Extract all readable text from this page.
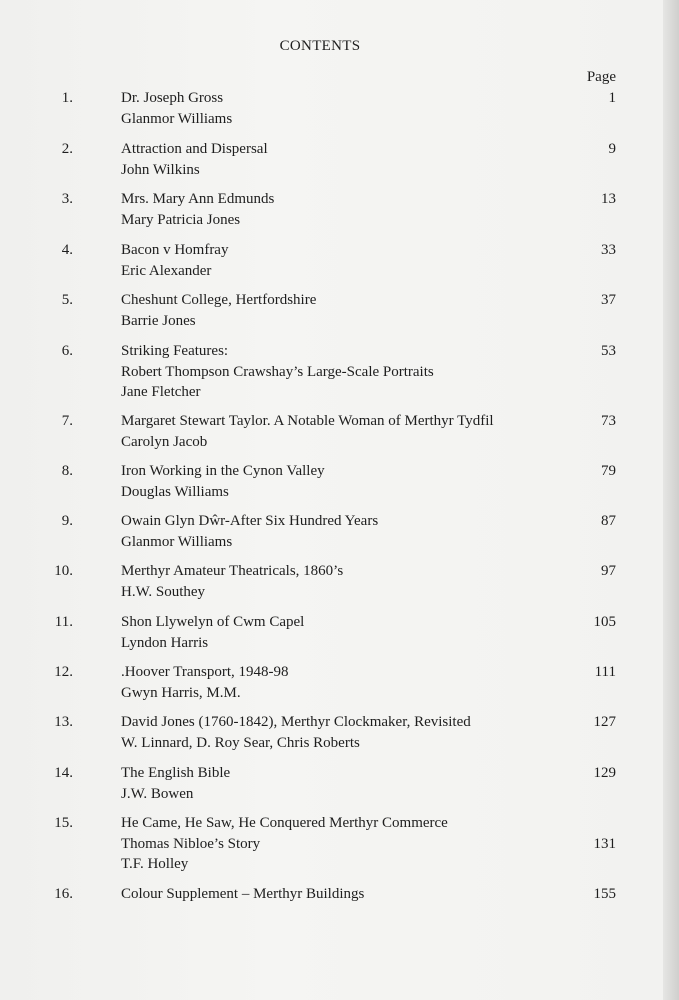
CONTENTS
Page
1.	Dr. Joseph Gross
Glanmor Williams
1
2.	Attraction and Dispersal
John Wilkins
9
3.	Mrs. Mary Ann Edmunds
Mary Patricia Jones
13
4.	Bacon v Homfray
Eric Alexander
33
5.	Cheshunt College, Hertfordshire
Barrie Jones
37
6.	Striking Features:
Robert Thompson Crawshay’s Large-Scale Portraits
Jane Fletcher
53
7.	Margaret Stewart Taylor. A Notable Woman of Merthyr Tydfil
Carolyn Jacob
73
8.	Iron Working in the Cynon Valley
Douglas Williams
79
9.	Owain Glyn Dŵr-After Six Hundred Years
Glanmor Williams
87
10.	Merthyr Amateur Theatricals, 1860’s
H.W. Southey
97
11.	Shon Llywelyn of Cwm Capel
Lyndon Harris
105
12.	.Hoover Transport, 1948-98
Gwyn Harris, M.M.
111
13.	David Jones (1760-1842), Merthyr Clockmaker, Revisited
W. Linnard, D. Roy Sear, Chris Roberts
127
14.	The English Bible
J.W. Bowen
129
15.	He Came, He Saw, He Conquered Merthyr Commerce
Thomas Nibloe’s Story
T.F. Holley
131
16.	Colour Supplement – Merthyr Buildings	155
